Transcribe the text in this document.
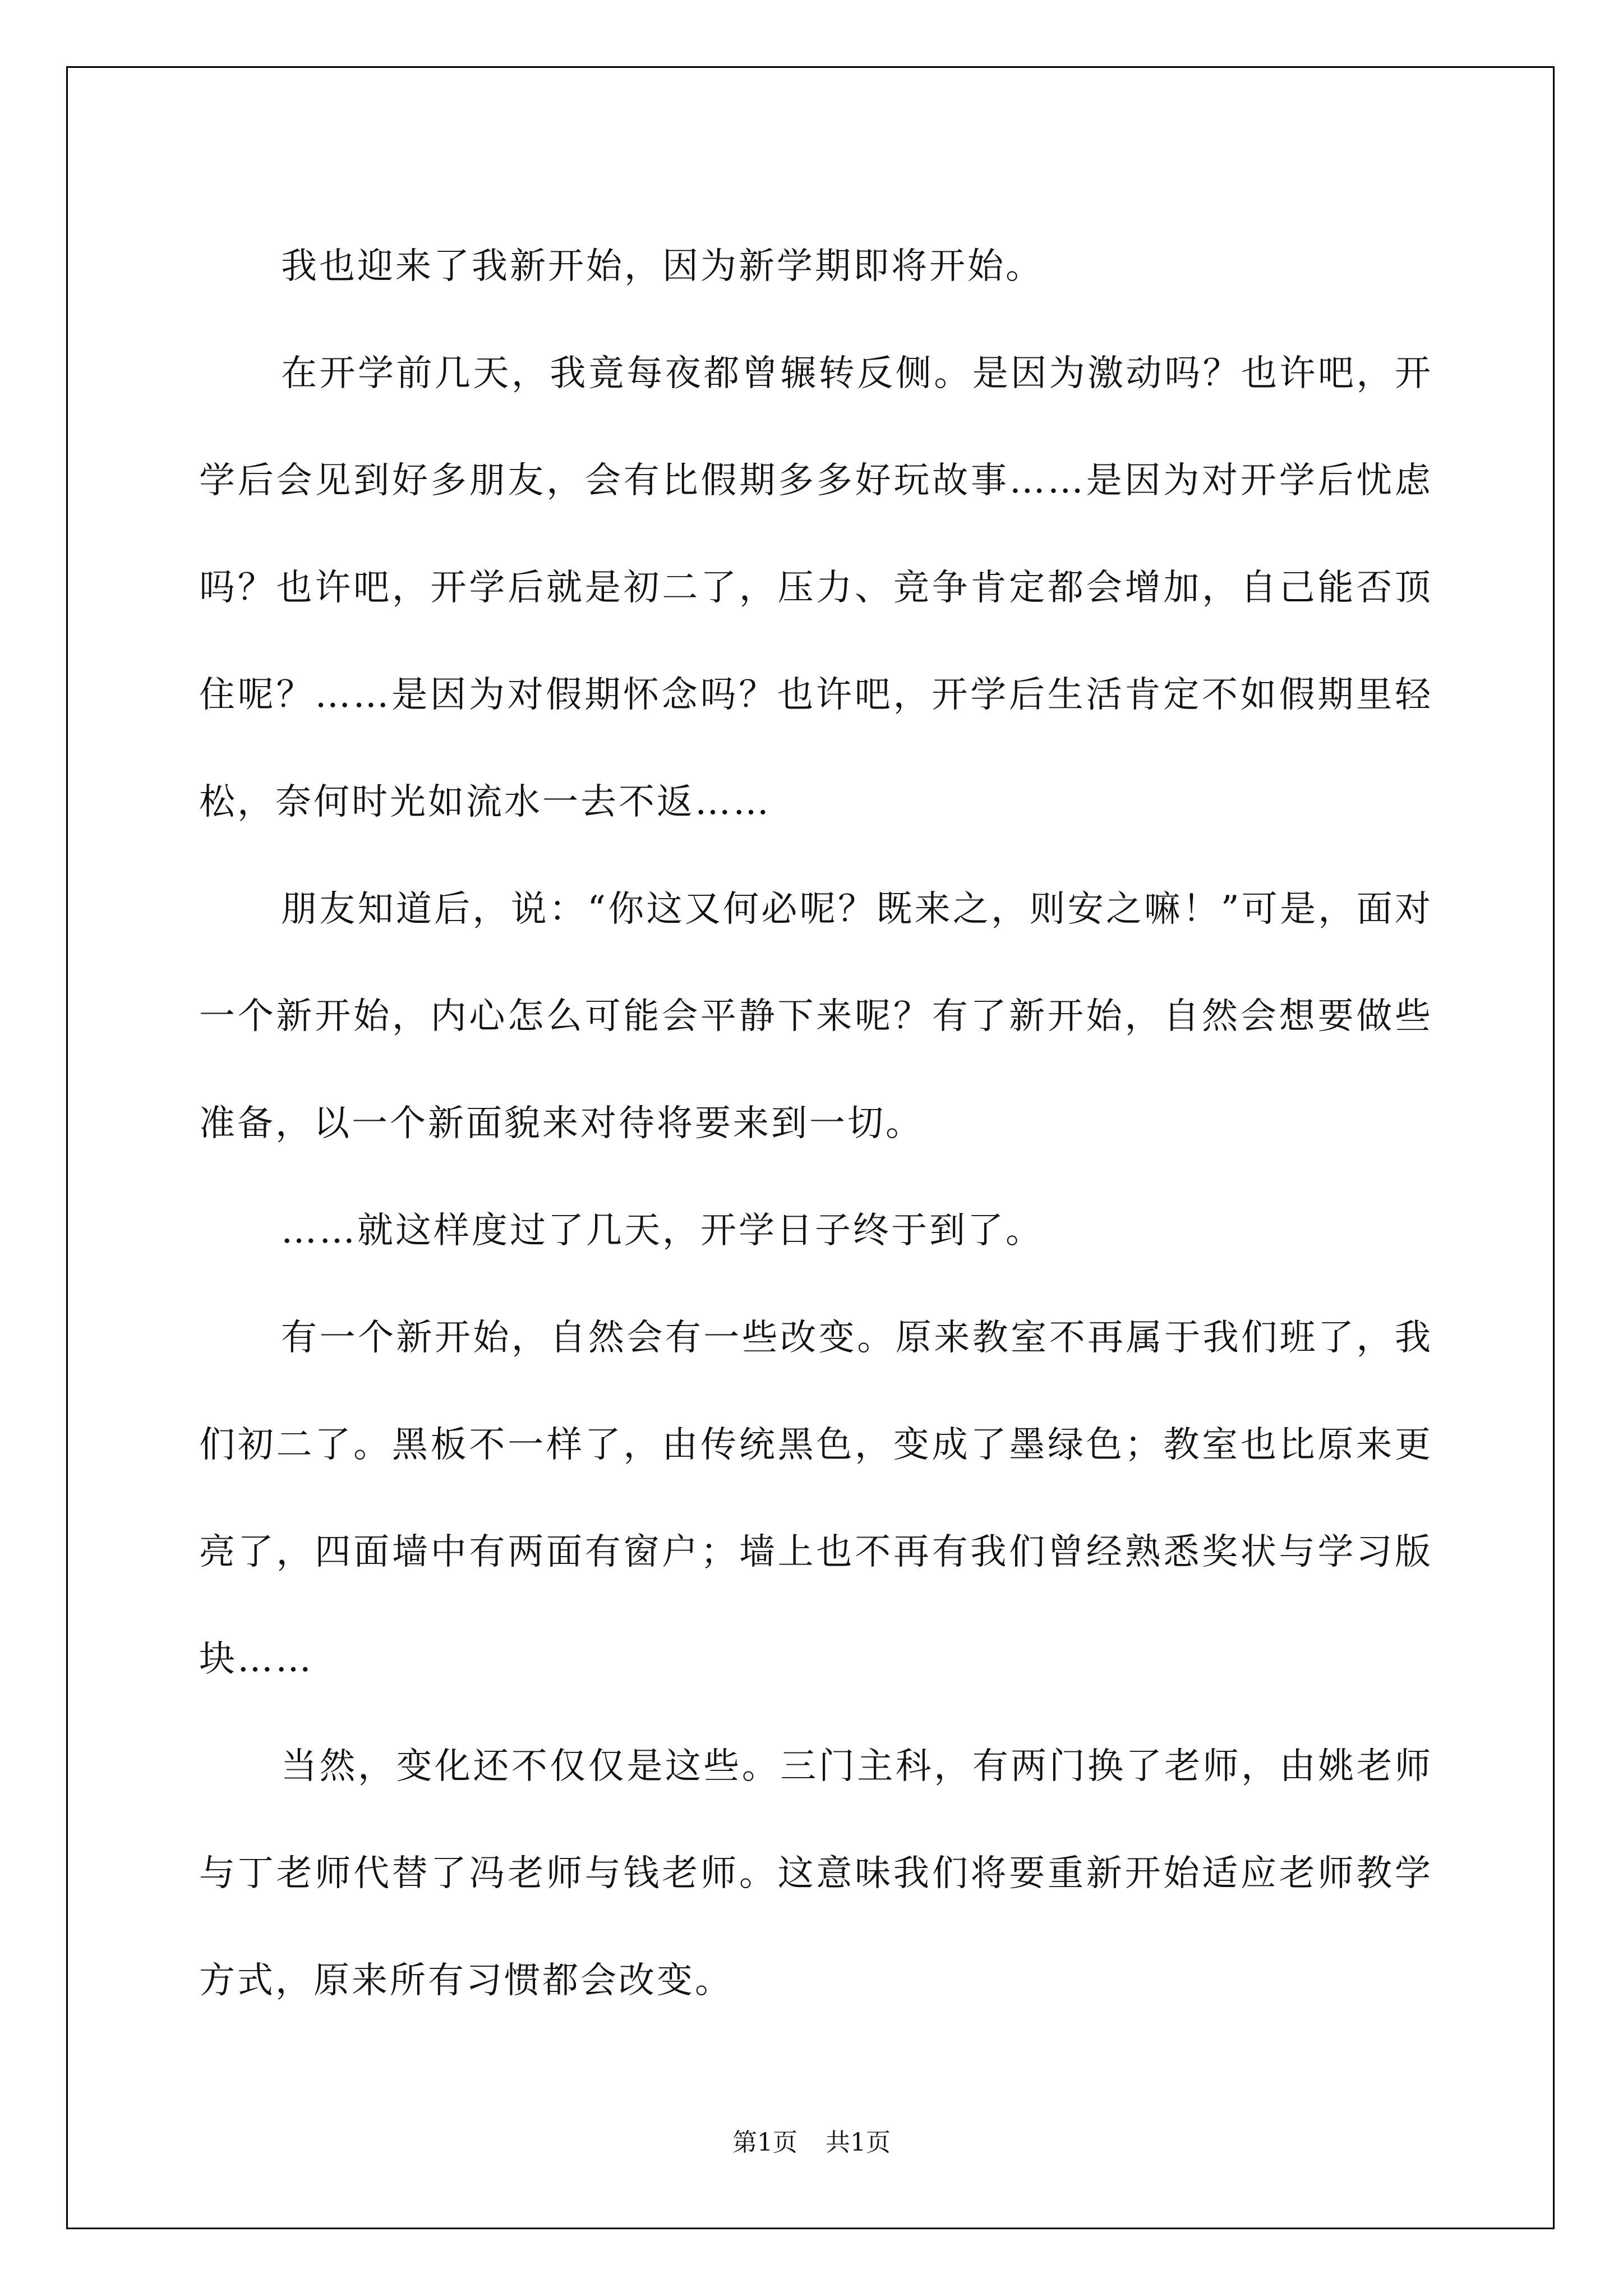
我也迎来了我新开始，因为新学期即将开始。

在开学前几天，我竟每夜都曾辗转反侧。是因为激动吗？也许吧，开学后会见到好多朋友，会有比假期多多好玩故事……是因为对开学后忧虑吗？也许吧，开学后就是初二了，压力、竞争肯定都会增加，自己能否顶住呢？……是因为对假期怀念吗？也许吧，开学后生活肯定不如假期里轻松，奈何时光如流水一去不返……

朋友知道后，说：“你这又何必呢？既来之，则安之嘛！”可是，面对一个新开始，内心怎么可能会平静下来呢？有了新开始，自然会想要做些准备，以一个新面貌来对待将要来到一切。

……就这样度过了几天，开学日子终于到了。

有一个新开始，自然会有一些改变。原来教室不再属于我们班了，我们初二了。黑板不一样了，由传统黑色，变成了墨绿色；教室也比原来更亮了，四面墙中有两面有窗户；墙上也不再有我们曾经熟悉奖状与学习版块……

当然，变化还不仅仅是这些。三门主科，有两门换了老师，由姚老师与丁老师代替了冯老师与钱老师。这意味我们将要重新开始适应老师教学方式，原来所有习惯都会改变。

第1页 共1页
